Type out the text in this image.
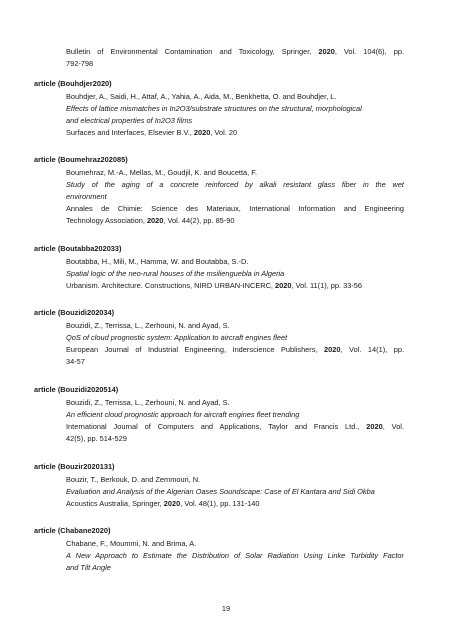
Bulletin of Environmental Contamination and Toxicology, Springer, 2020, Vol. 104(6), pp.
792-798
article (Bouhdjer2020)
Bouhdjer, A., Saidi, H., Attaf, A., Yahia, A., Aida, M., Benkhetta, O. and Bouhdjer, L.
Effects of lattice mismatches in In2O3/substrate structures on the structural, morphological
and electrical properties of In2O3 films
Surfaces and Interfaces, Elsevier B.V., 2020, Vol. 20
article (Boumehraz202085)
Boumehraz, M.-A., Mellas, M., Goudjil, K. and Boucetta, F.
Study of the aging of a concrete reinforced by alkali resistant glass fiber in the wet
environment
Annales de Chimie: Science des Materiaux, International Information and Engineering
Technology Association, 2020, Vol. 44(2), pp. 85-90
article (Boutabba202033)
Boutabba, H., Mili, M., Hamma, W. and Boutabba, S.-D.
Spatial logic of the neo-rural houses of the msilienguebla in Algeria
Urbanism. Architecture. Constructions, NIRD URBAN-INCERC, 2020, Vol. 11(1), pp. 33-56
article (Bouzidi202034)
Bouzidi, Z., Terrissa, L., Zerhouni, N. and Ayad, S.
QoS of cloud prognostic system: Application to aircraft engines fleet
European Journal of Industrial Engineering, Inderscience Publishers, 2020, Vol. 14(1), pp.
34-57
article (Bouzidi2020514)
Bouzidi, Z., Terrissa, L., Zerhouni, N. and Ayad, S.
An efficient cloud prognostic approach for aircraft engines fleet trending
International Journal of Computers and Applications, Taylor and Francis Ltd., 2020, Vol.
42(5), pp. 514-529
article (Bouzir2020131)
Bouzir, T., Berkouk, D. and Zemmouri, N.
Evaluation and Analysis of the Algerian Oases Soundscape: Case of El Kantara and Sidi Okba
Acoustics Australia, Springer, 2020, Vol. 48(1), pp. 131-140
article (Chabane2020)
Chabane, F., Moummi, N. and Brima, A.
A New Approach to Estimate the Distribution of Solar Radiation Using Linke Turbidity Factor
and Tilt Angle
19
